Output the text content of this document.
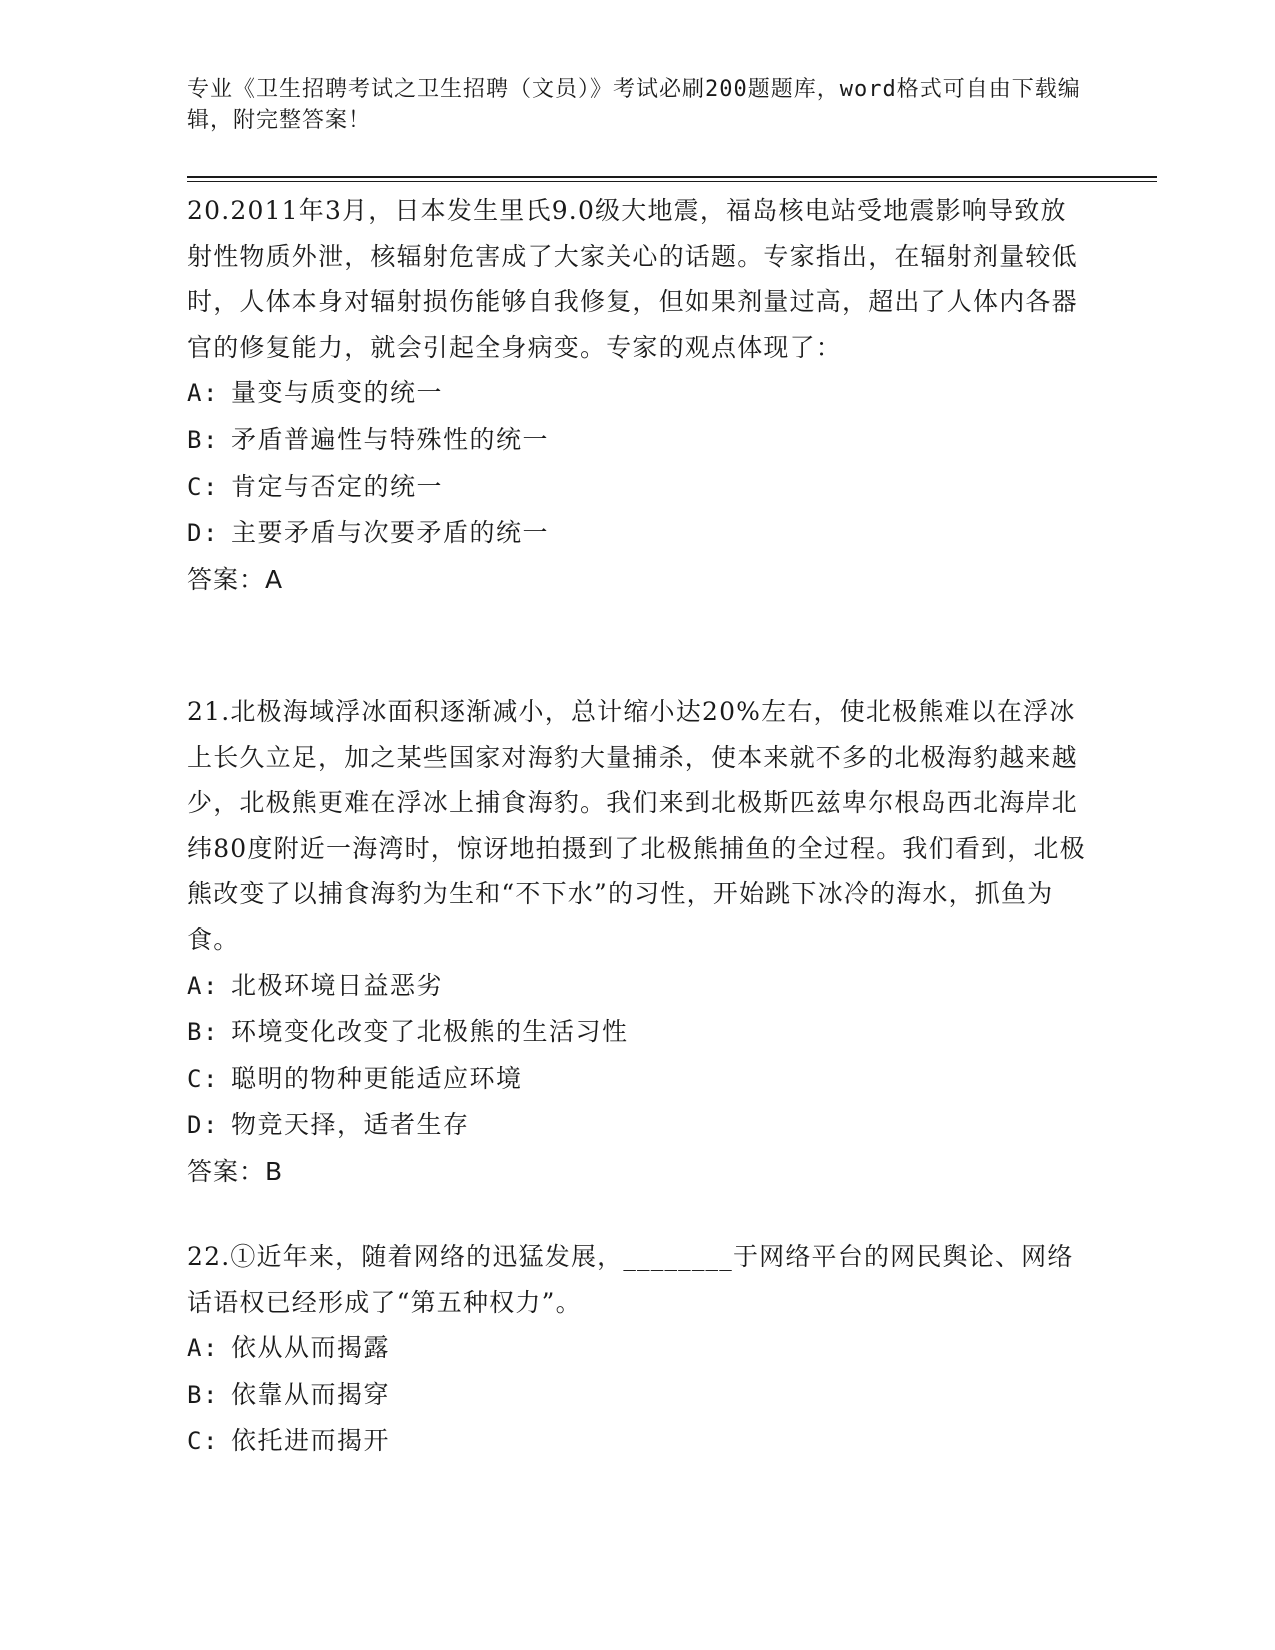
专业《卫生招聘考试之卫生招聘（文员）》考试必刷200题题库，word格式可自由下载编辑，附完整答案！

20.2011年3月，日本发生里氏9.0级大地震，福岛核电站受地震影响导致放射性物质外泄，核辐射危害成了大家关心的话题。专家指出，在辐射剂量较低时，人体本身对辐射损伤能够自我修复，但如果剂量过高，超出了人体内各器官的修复能力，就会引起全身病变。专家的观点体现了：

A: 量变与质变的统一

B: 矛盾普遍性与特殊性的统一

C: 肯定与否定的统一

D: 主要矛盾与次要矛盾的统一

答案：A

21.北极海域浮冰面积逐渐减小，总计缩小达20%左右，使北极熊难以在浮冰上长久立足，加之某些国家对海豹大量捕杀，使本来就不多的北极海豹越来越少，北极熊更难在浮冰上捕食海豹。我们来到北极斯匹兹卑尔根岛西北海岸北纬80度附近一海湾时，惊讶地拍摄到了北极熊捕鱼的全过程。我们看到，北极熊改变了以捕食海豹为生和“不下水”的习性，开始跳下冰冷的海水，抓鱼为食。

A: 北极环境日益恶劣

B: 环境变化改变了北极熊的生活习性

C: 聪明的物种更能适应环境

D: 物竞天择，适者生存

答案：B

22.①近年来，随着网络的迅猛发展，________于网络平台的网民舆论、网络话语权已经形成了“第五种权力”。

A: 依从从而揭露

B: 依靠从而揭穿

C: 依托进而揭开
